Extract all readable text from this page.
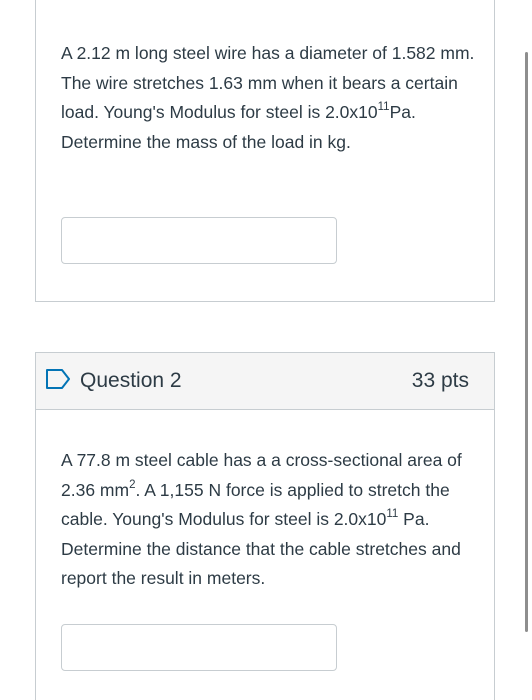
A 2.12 m long steel wire has a diameter of 1.582 mm. The wire stretches 1.63 mm when it bears a certain load. Young's Modulus for steel is $2.0x10^{11}Pa$. Determine the mass of the load in kg.

Question 2	33 pts

A 77.8 m steel cable has a a cross-sectional area of 2.36 $mm^2$. A 1,155 N force is applied to stretch the cable. Young's Modulus for steel is $2.0x10^{11}$ Pa. Determine the distance that the cable stretches and report the result in meters.
